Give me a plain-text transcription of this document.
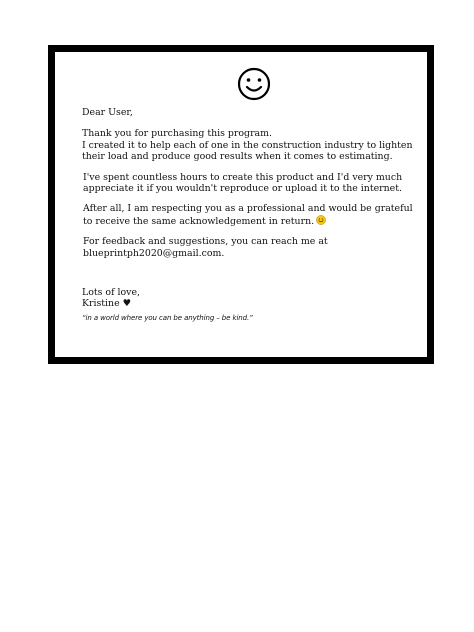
Dear User,

Thank you for purchasing this program.

I created it to help each of one in the construction industry to lighten their load and produce good results when it comes to estimating.

I've spent countless hours to create this product and I'd very much appreciate it if you wouldn't reproduce or upload it to the internet.

After all, I am respecting you as a professional and would be grateful to receive the same acknowledgement in return.

For feedback and suggestions, you can reach me at blueprintph2020@gmail.com.

Lots of love,

Kristine ♥

“in a world where you can be anything – be kind.”
